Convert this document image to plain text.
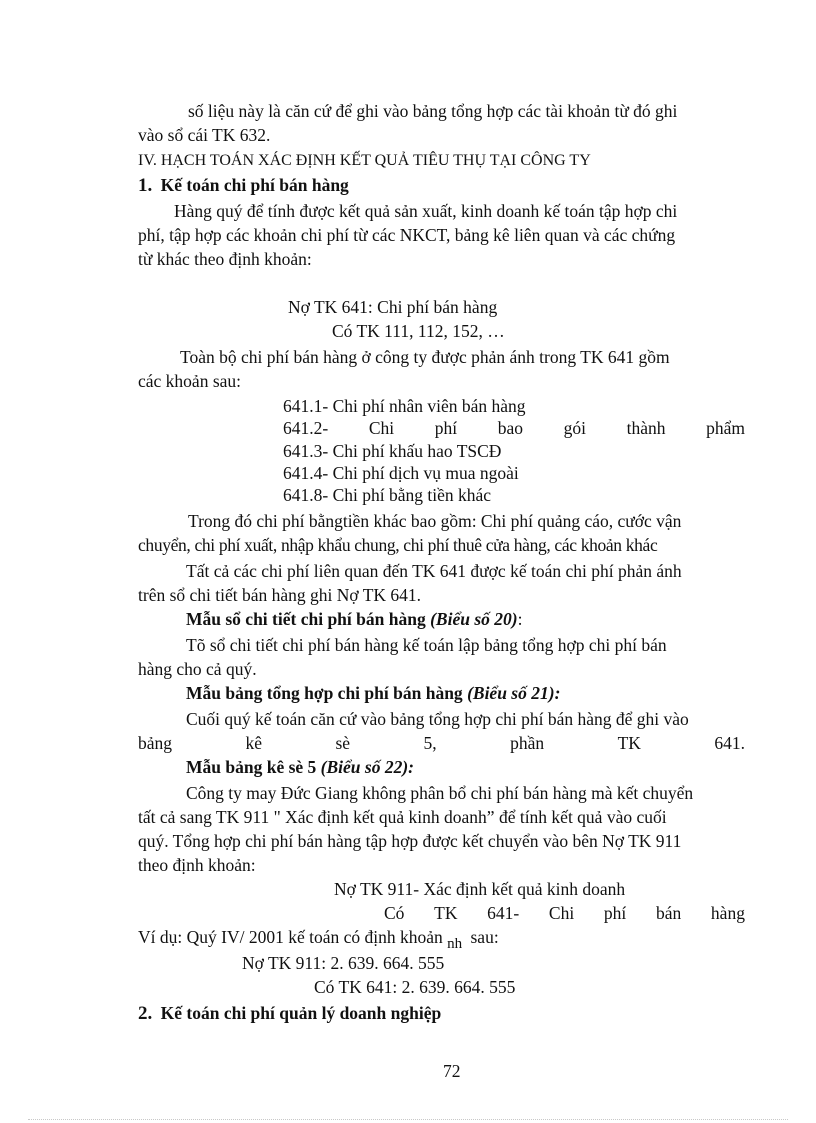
số liệu này là căn cứ để ghi vào bảng tổng hợp các tài khoản từ đó ghi
vào sổ cái TK 632.
IV. HẠCH TOÁN XÁC ĐỊNH KẾT QUẢ TIÊU THỤ TẠI CÔNG TY
1. Kế toán chi phí bán hàng
Hàng quý để tính được kết quả sản xuất, kinh doanh kế toán tập hợp chi
phí, tập hợp các khoản chi phí từ các NKCT, bảng kê liên quan và các chứng
từ khác theo định khoản:
Nợ TK 641: Chi phí bán hàng
Có TK 111, 112, 152, …
Toàn bộ chi phí bán hàng ở công ty được phản ánh trong TK 641 gồm
các khoản sau:
641.1- Chi phí nhân viên bán hàng
641.2- Chi phí bao gói thành phẩm
641.3- Chi phí khấu hao TSCĐ
641.4- Chi phí dịch vụ mua ngoài
641.8- Chi phí bằng tiền khác
Trong đó chi phí bằngtiền khác bao gồm: Chi phí quảng cáo, cước vận
chuyển, chi phí xuất, nhập khẩu chung, chi phí thuê cửa hàng, các khoản khác
Tất cả các chi phí liên quan đến TK 641 được kế toán chi phí phản ánh
trên sổ chi tiết bán hàng ghi Nợ TK 641.
Mẫu sổ chi tiết chi phí bán hàng (Biểu số 20):
Tõ sổ chi tiết chi phí bán hàng kế toán lập bảng tổng hợp chi phí bán
hàng cho cả quý.
Mẫu bảng tổng hợp chi phí bán hàng (Biểu số 21):
Cuối quý kế toán căn cứ vào bảng tổng hợp chi phí bán hàng để ghi vào
bảng	kê	sè	5,	phần	TK	641.
Mẫu bảng kê sè 5 (Biểu số 22):
Công ty may Đức Giang không phân bổ chi phí bán hàng mà kết chuyển
tất cả sang TK 911 " Xác định kết quả kinh doanh” để tính kết quả vào cuối
quý. Tổng hợp chi phí bán hàng tập hợp được kết chuyển vào bên Nợ TK 911
theo định khoản:
Nợ TK 911- Xác định kết quả kinh doanh
Có TK 641- Chi phí bán hàng
Ví dụ: Quý IV/ 2001 kế toán có định khoản nh sau:
Nợ TK 911: 2. 639. 664. 555
Có TK 641: 2. 639. 664. 555
2. Kế toán chi phí quản lý doanh nghiệp
72
